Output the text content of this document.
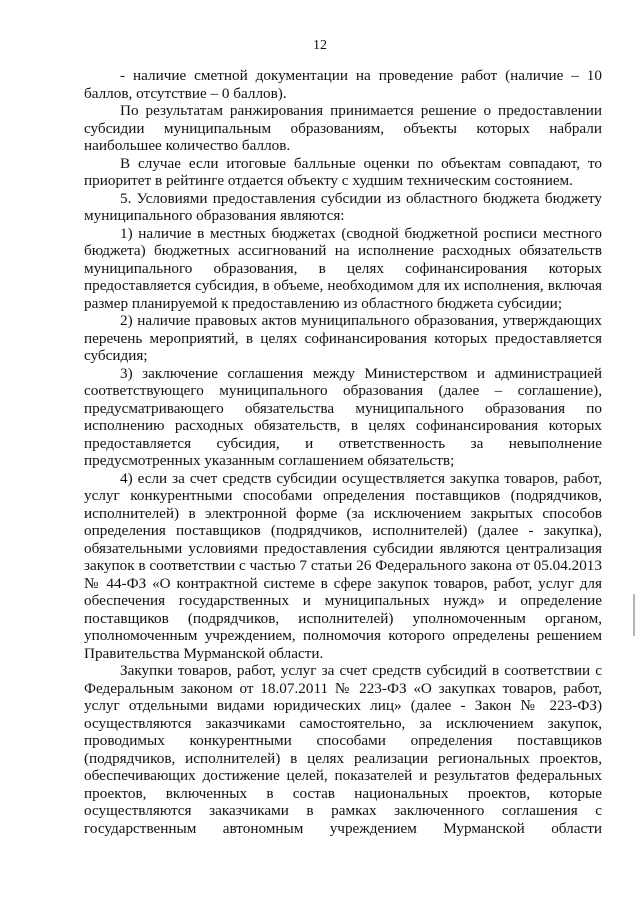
12

- наличие сметной документации на проведение работ (наличие – 10 баллов, отсутствие – 0 баллов).

По результатам ранжирования принимается решение о предоставлении субсидии муниципальным образованиям, объекты которых набрали наибольшее количество баллов.

В случае если итоговые балльные оценки по объектам совпадают, то приоритет в рейтинге отдается объекту с худшим техническим состоянием.

5. Условиями предоставления субсидии из областного бюджета бюджету муниципального образования являются:

1) наличие в местных бюджетах (сводной бюджетной росписи местного бюджета) бюджетных ассигнований на исполнение расходных обязательств муниципального образования, в целях софинансирования которых предоставляется субсидия, в объеме, необходимом для их исполнения, включая размер планируемой к предоставлению из областного бюджета субсидии;

2) наличие правовых актов муниципального образования, утверждающих перечень мероприятий, в целях софинансирования которых предоставляется субсидия;

3) заключение соглашения между Министерством и администрацией соответствующего муниципального образования (далее – соглашение), предусматривающего обязательства муниципального образования по исполнению расходных обязательств, в целях софинансирования которых предоставляется субсидия, и ответственность за невыполнение предусмотренных указанным соглашением обязательств;

4) если за счет средств субсидии осуществляется закупка товаров, работ, услуг конкурентными способами определения поставщиков (подрядчиков, исполнителей) в электронной форме (за исключением закрытых способов определения поставщиков (подрядчиков, исполнителей) (далее - закупка), обязательными условиями предоставления субсидии являются централизация закупок в соответствии с частью 7 статьи 26 Федерального закона от 05.04.2013 № 44-ФЗ «О контрактной системе в сфере закупок товаров, работ, услуг для обеспечения государственных и муниципальных нужд» и определение поставщиков (подрядчиков, исполнителей) уполномоченным органом, уполномоченным учреждением, полномочия которого определены решением Правительства Мурманской области.

Закупки товаров, работ, услуг за счет средств субсидий в соответствии с Федеральным законом от 18.07.2011 № 223-ФЗ «О закупках товаров, работ, услуг отдельными видами юридических лиц» (далее - Закон № 223-ФЗ) осуществляются заказчиками самостоятельно, за исключением закупок, проводимых конкурентными способами определения поставщиков (подрядчиков, исполнителей) в целях реализации региональных проектов, обеспечивающих достижение целей, показателей и результатов федеральных проектов, включенных в состав национальных проектов, которые осуществляются заказчиками в рамках заключенного соглашения с государственным автономным учреждением Мурманской области
